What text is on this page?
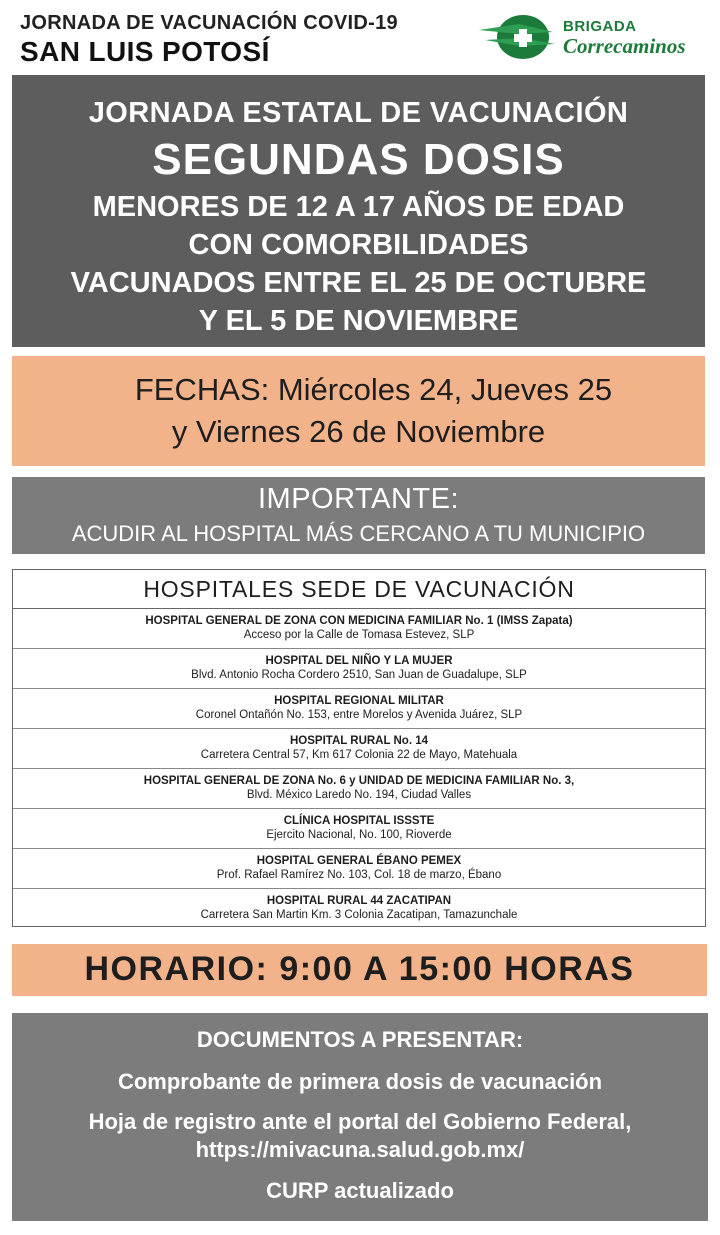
JORNADA DE VACUNACIÓN COVID-19
SAN LUIS POTOSÍ
BRIGADA
Correcaminos
JORNADA ESTATAL DE VACUNACIÓN
SEGUNDAS DOSIS
MENORES DE 12 A 17 AÑOS DE EDAD
CON COMORBILIDADES
VACUNADOS ENTRE EL 25 DE OCTUBRE
Y EL 5 DE NOVIEMBRE
FECHAS: Miércoles 24, Jueves 25
y Viernes 26 de Noviembre
IMPORTANTE:
ACUDIR AL HOSPITAL MÁS CERCANO A TU MUNICIPIO
HOSPITALES SEDE DE VACUNACIÓN
HOSPITAL GENERAL DE ZONA CON MEDICINA FAMILIAR No. 1 (IMSS Zapata)
Acceso por la Calle de Tomasa Estevez, SLP
HOSPITAL DEL NIÑO Y LA MUJER
Blvd. Antonio Rocha Cordero 2510, San Juan de Guadalupe, SLP
HOSPITAL REGIONAL MILITAR
Coronel Ontañón No. 153, entre Morelos y Avenida Juárez, SLP
HOSPITAL RURAL No. 14
Carretera Central 57, Km 617 Colonia 22 de Mayo, Matehuala
HOSPITAL GENERAL DE ZONA No. 6 y UNIDAD DE MEDICINA FAMILIAR No. 3,
Blvd. México Laredo No. 194, Ciudad Valles
CLÍNICA HOSPITAL ISSSTE
Ejercito Nacional, No. 100, Rioverde
HOSPITAL GENERAL ÉBANO PEMEX
Prof. Rafael Ramírez No. 103, Col. 18 de marzo, Ébano
HOSPITAL RURAL 44 ZACATIPAN
Carretera San Martin Km. 3 Colonia Zacatipan, Tamazunchale
HORARIO: 9:00 A 15:00 HORAS
DOCUMENTOS A PRESENTAR:
Comprobante de primera dosis de vacunación
Hoja de registro ante el portal del Gobierno Federal,
https://mivacuna.salud.gob.mx/
CURP actualizado
